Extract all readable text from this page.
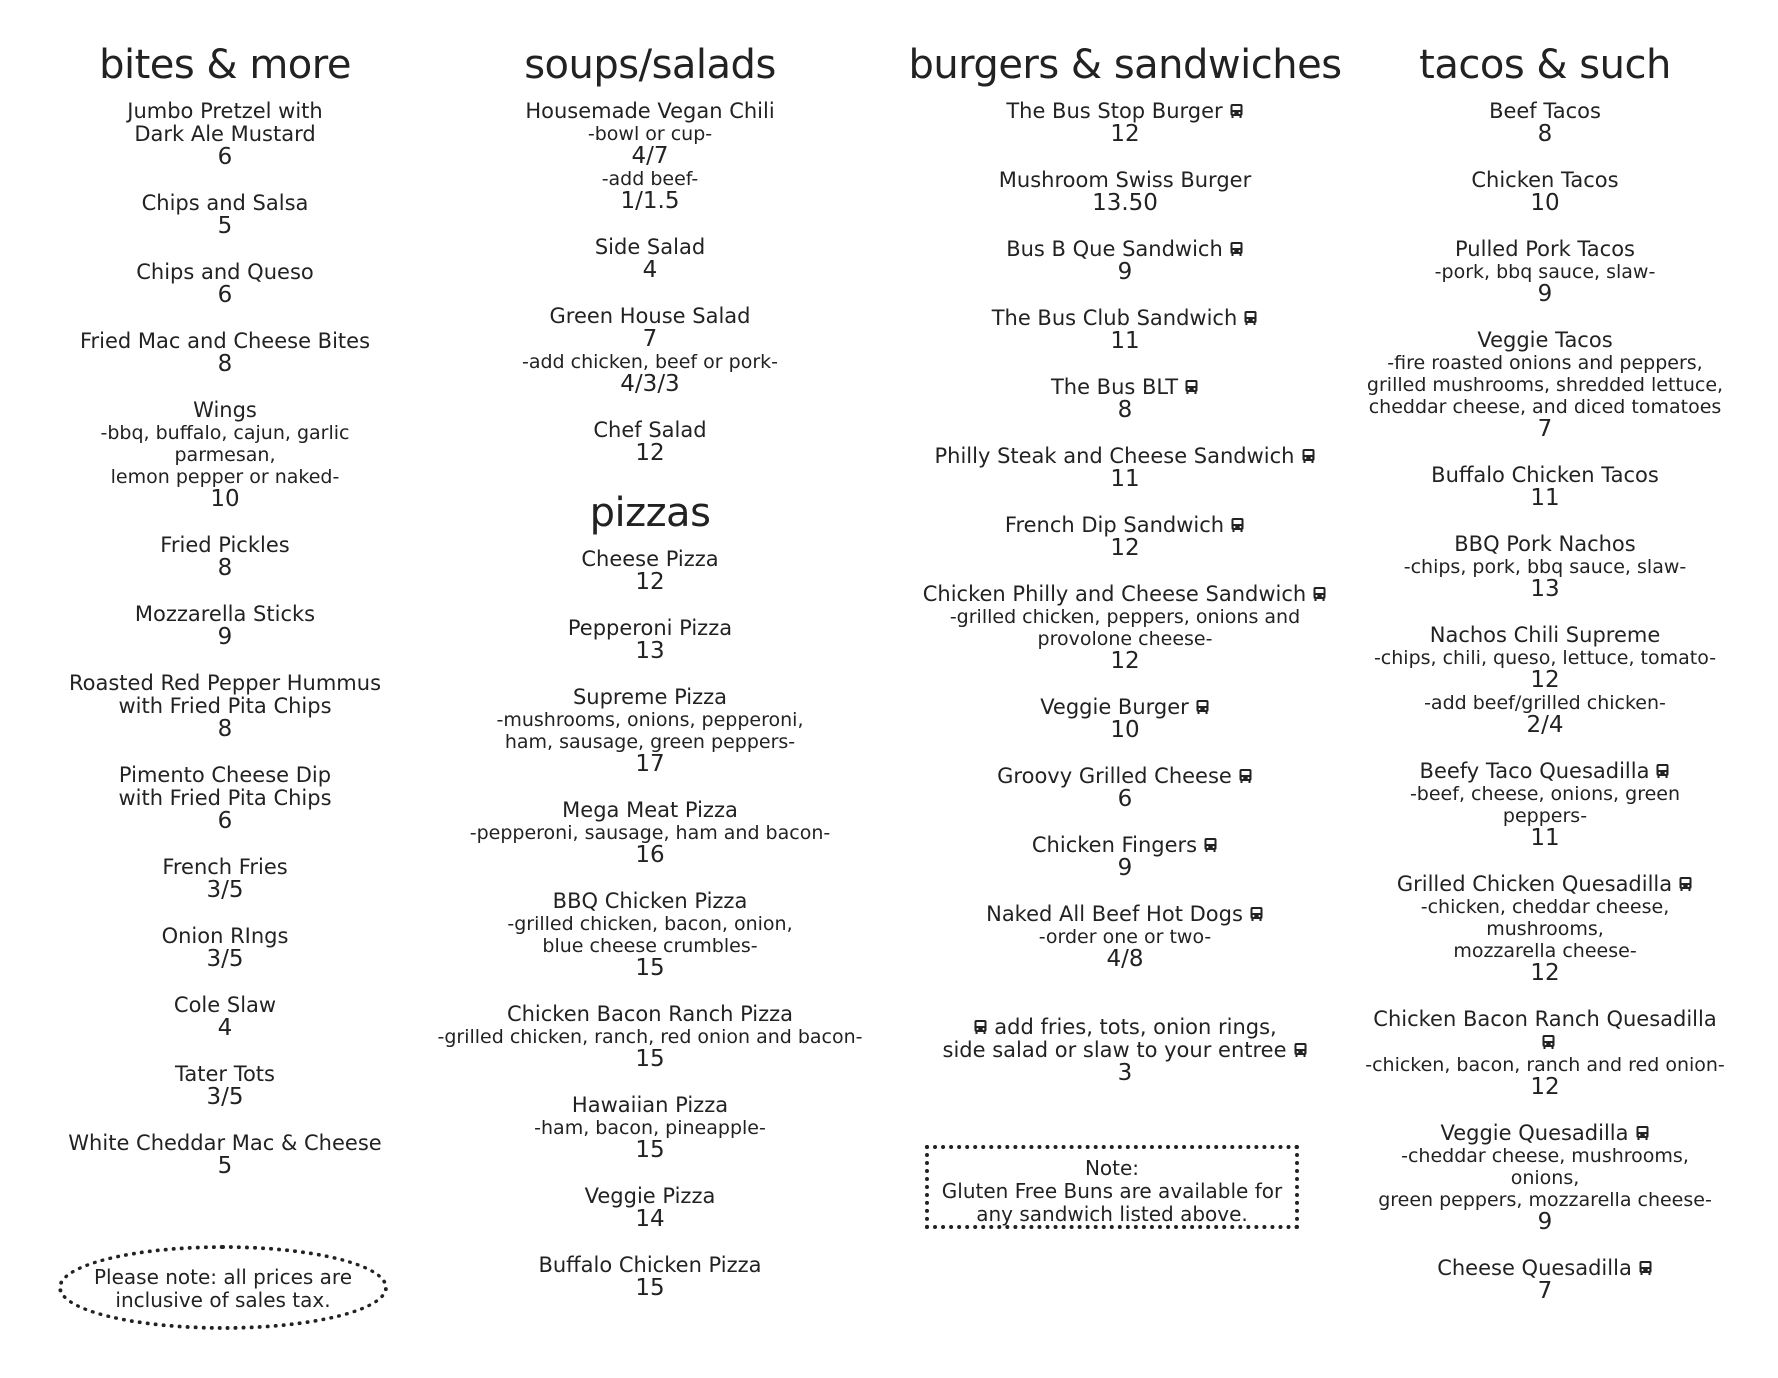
bites & more
Jumbo Pretzel with
Dark Ale Mustard
6
Chips and Salsa
5
Chips and Queso
6
Fried Mac and Cheese Bites
8
Wings
-bbq, buffalo, cajun, garlic parmesan,
lemon pepper or naked-
10
Fried Pickles
8
Mozzarella Sticks
9
Roasted Red Pepper Hummus
with Fried Pita Chips
8
Pimento Cheese Dip
with Fried Pita Chips
6
French Fries
3/5
Onion RIngs
3/5
Cole Slaw
4
Tater Tots
3/5
White Cheddar Mac & Cheese
5
Please note: all prices are
inclusive of sales tax.
soups/salads
Housemade Vegan Chili
-bowl or cup-
4/7
-add beef-
1/1.5
Side Salad
4
Green House Salad
7
-add chicken, beef or pork-
4/3/3
Chef Salad
12
pizzas
Cheese Pizza
12
Pepperoni Pizza
13
Supreme Pizza
-mushrooms, onions, pepperoni,
ham, sausage, green peppers-
17
Mega Meat Pizza
-pepperoni, sausage, ham and bacon-
16
BBQ Chicken Pizza
-grilled chicken, bacon, onion,
blue cheese crumbles-
15
Chicken Bacon Ranch Pizza
-grilled chicken, ranch, red onion and bacon-
15
Hawaiian Pizza
-ham, bacon, pineapple-
15
Veggie Pizza
14
Buffalo Chicken Pizza
15
burgers & sandwiches
The Bus Stop Burger
12
Mushroom Swiss Burger
13.50
Bus B Que Sandwich
9
The Bus Club Sandwich
11
The Bus BLT
8
Philly Steak and Cheese Sandwich
11
French Dip Sandwich
12
Chicken Philly and Cheese Sandwich
-grilled chicken, peppers, onions and
provolone cheese-
12
Veggie Burger
10
Groovy Grilled Cheese
6
Chicken Fingers
9
Naked All Beef Hot Dogs
-order one or two-
4/8
add fries, tots, onion rings,
side salad or slaw to your entree
3
Note:
Gluten Free Buns are available for
any sandwich listed above.
tacos & such
Beef Tacos
8
Chicken Tacos
10
Pulled Pork Tacos
-pork, bbq sauce, slaw-
9
Veggie Tacos
-fire roasted onions and peppers,
grilled mushrooms, shredded lettuce,
cheddar cheese, and diced tomatoes
7
Buffalo Chicken Tacos
11
BBQ Pork Nachos
-chips, pork, bbq sauce, slaw-
13
Nachos Chili Supreme
-chips, chili, queso, lettuce, tomato-
12
-add beef/grilled chicken-
2/4
Beefy Taco Quesadilla
-beef, cheese, onions, green peppers-
11
Grilled Chicken Quesadilla
-chicken, cheddar cheese, mushrooms,
mozzarella cheese-
12
Chicken Bacon Ranch Quesadilla
-chicken, bacon, ranch and red onion-
12
Veggie Quesadilla
-cheddar cheese, mushrooms, onions,
green peppers, mozzarella cheese-
9
Cheese Quesadilla
7
